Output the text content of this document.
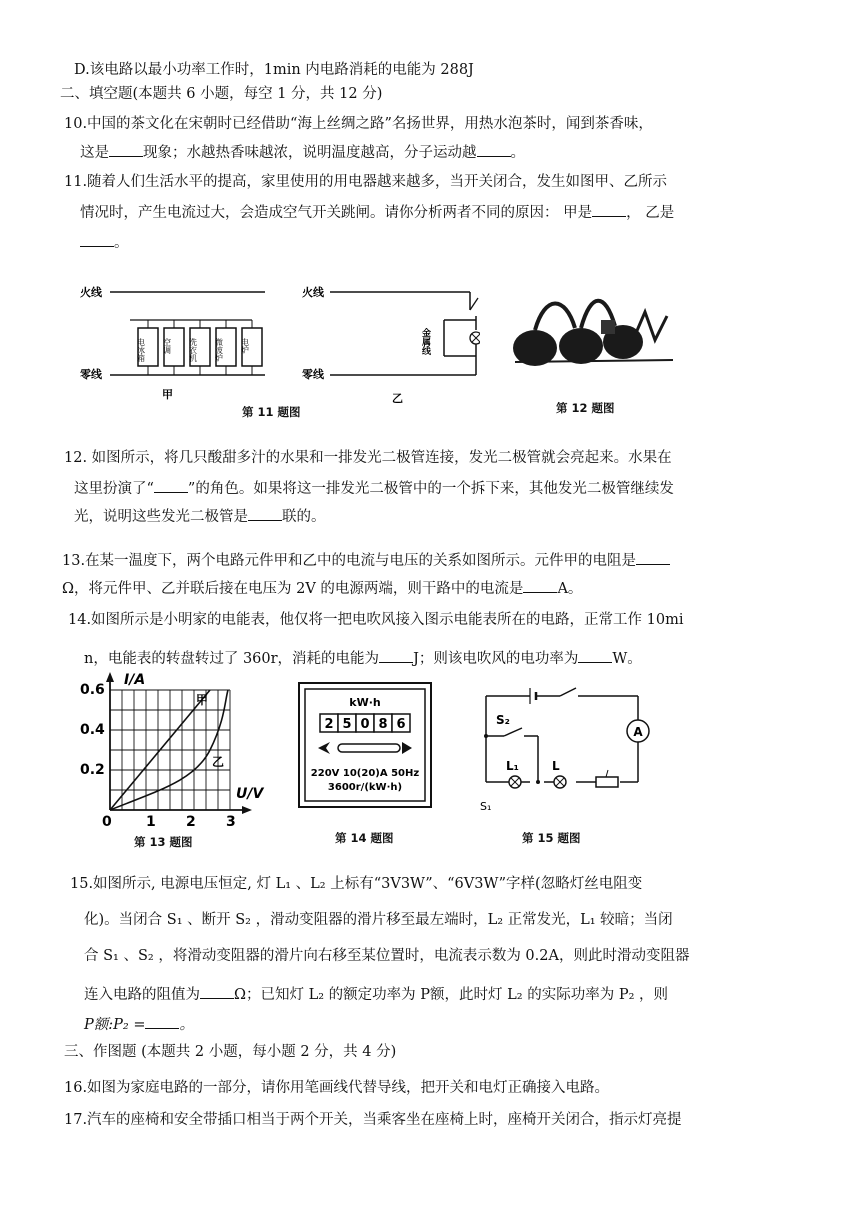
D.该电路以最小功率工作时，1min 内电路消耗的电能为 288J
二、填空题(本题共 6 小题，每空 1 分，共 12 分)
10.中国的茶文化在宋朝时已经借助“海上丝绸之路”名扬世界，用热水泡茶时，闻到茶香味，
这是 现象；水越热香味越浓，说明温度越高，分子运动越 。
11.随着人们生活水平的提高，家里使用的用电器越来越多，当开关闭合，发生如图甲、乙所示
情况时，产生电流过大，会造成空气开关跳闸。请你分析两者不同的原因： 甲是 ， 乙是
。
火线
零线
电冰箱 空调 洗衣机 微波炉 电炉
甲
火线
金属线
零线
乙
第 11 题图	第 12 题图
12. 如图所示，将几只酸甜多汁的水果和一排发光二极管连接，发光二极管就会亮起来。水果在
这里扮演了“ ”的角色。如果将这一排发光二极管中的一个拆下来，其他发光二极管继续发
光，说明这些发光二极管是 联的。
13.在某一温度下，两个电路元件甲和乙中的电流与电压的关系如图所示。元件甲的电阻是
Ω，将元件甲、乙并联后接在电压为 2V 的电源两端，则干路中的电流是 A。
14.如图所示是小明家的电能表，他仅将一把电吹风接入图示电能表所在的电路，正常工作 10mi
n，电能表的转盘转过了 360r，消耗的电能为 J；则该电吹风的电功率为 W。
I/A
0.6
0.4
0.2
0 1 2 3
U/V
甲
乙
第 13 题图
kW·h
2 5 0 8 6
220V 10(20)A 50Hz
3600r/(kW·h)
第 14 题图
A
S₂
L₁	L
S₁
第 15 题图
15.如图所示, 电源电压恒定, 灯 L₁ 、L₂ 上标有“3V3W”、“6V3W”字样(忽略灯丝电阻变
化)。当闭合 S₁ 、断开 S₂ ，滑动变阻器的滑片移至最左端时，L₂ 正常发光，L₁ 较暗；当闭
合 S₁ 、S₂ ，将滑动变阻器的滑片向右移至某位置时，电流表示数为 0.2A，则此时滑动变阻器
连入电路的阻值为 Ω；已知灯 L₂ 的额定功率为 P额，此时灯 L₂ 的实际功率为 P₂ ，则
P额:P₂ = 。
三、作图题 (本题共 2 小题，每小题 2 分，共 4 分)
16.如图为家庭电路的一部分，请你用笔画线代替导线，把开关和电灯正确接入电路。
17.汽车的座椅和安全带插口相当于两个开关，当乘客坐在座椅上时，座椅开关闭合，指示灯亮提
